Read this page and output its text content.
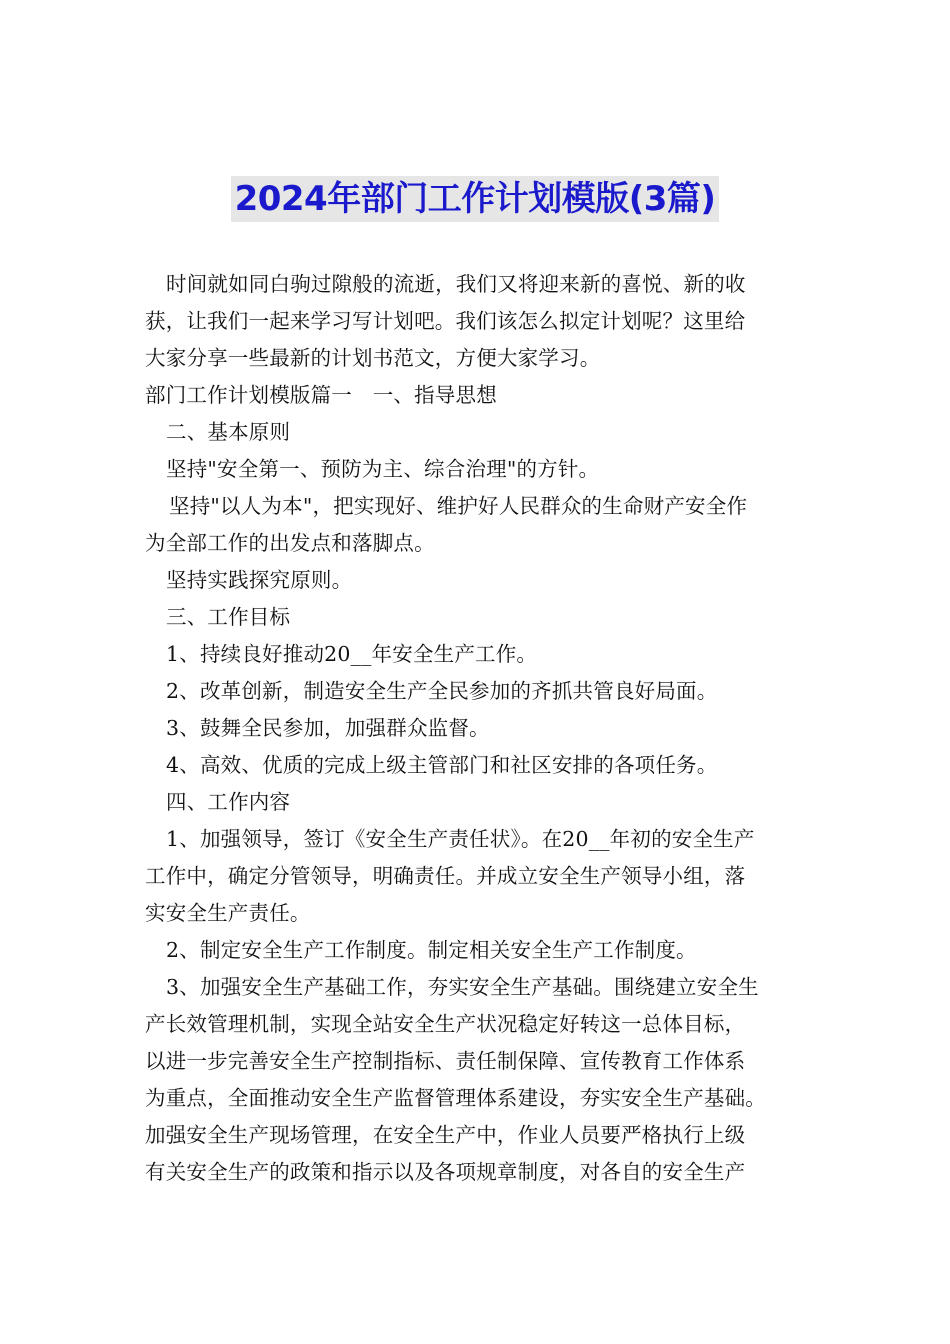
2024年部门工作计划模版(3篇)

时间就如同白驹过隙般的流逝，我们又将迎来新的喜悦、新的收

获，让我们一起来学习写计划吧。我们该怎么拟定计划呢？这里给

大家分享一些最新的计划书范文，方便大家学习。

部门工作计划模版篇一　一、指导思想

二、基本原则

坚持"安全第一、预防为主、综合治理"的方针。

坚持"以人为本"，把实现好、维护好人民群众的生命财产安全作

为全部工作的出发点和落脚点。

坚持实践探究原则。

三、工作目标

1、持续良好推动20__年安全生产工作。

2、改革创新，制造安全生产全民参加的齐抓共管良好局面。

3、鼓舞全民参加，加强群众监督。

4、高效、优质的完成上级主管部门和社区安排的各项任务。

四、工作内容

1、加强领导，签订《安全生产责任状》。在20__年初的安全生产

工作中，确定分管领导，明确责任。并成立安全生产领导小组，落

实安全生产责任。

2、制定安全生产工作制度。制定相关安全生产工作制度。

3、加强安全生产基础工作，夯实安全生产基础。围绕建立安全生

产长效管理机制，实现全站安全生产状况稳定好转这一总体目标，

以进一步完善安全生产控制指标、责任制保障、宣传教育工作体系

为重点，全面推动安全生产监督管理体系建设，夯实安全生产基础。

加强安全生产现场管理，在安全生产中，作业人员要严格执行上级

有关安全生产的政策和指示以及各项规章制度，对各自的安全生产
